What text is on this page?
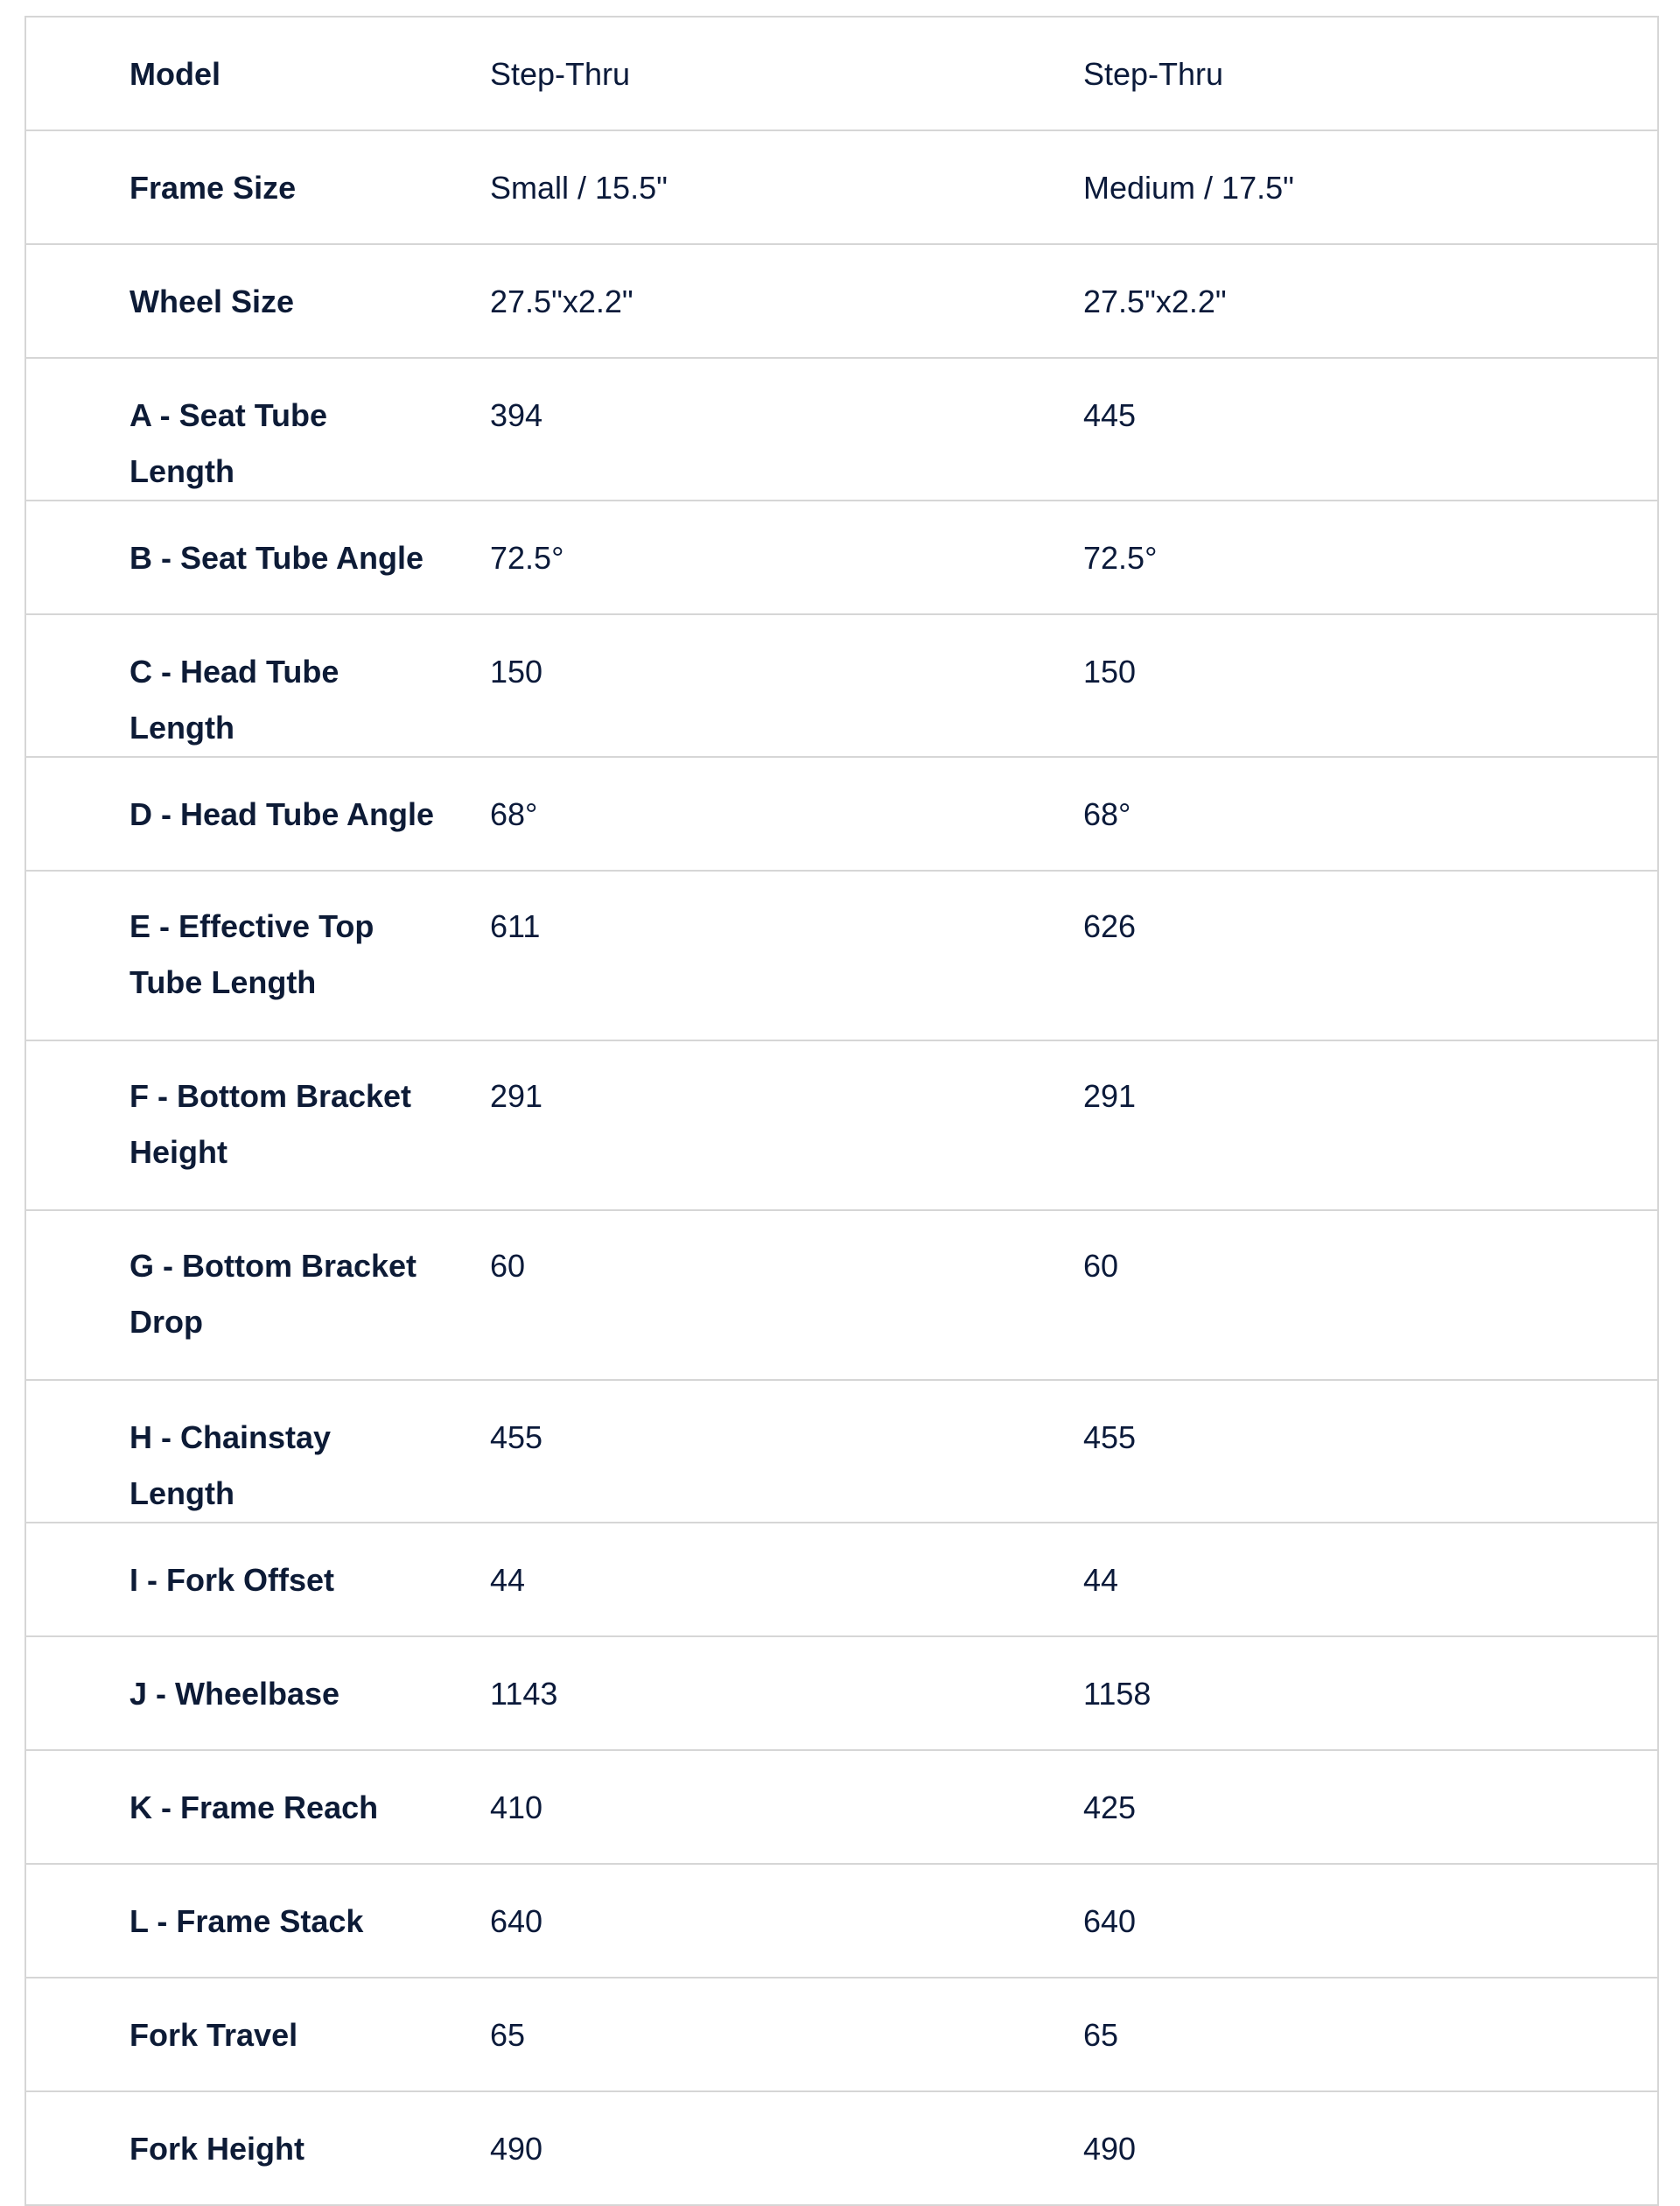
Model	Step-Thru	Step-Thru
Frame Size	Small / 15.5"	Medium / 17.5"
Wheel Size	27.5"x2.2"	27.5"x2.2"
A - Seat Tube Length	394	445
B - Seat Tube Angle	72.5°	72.5°
C - Head Tube Length	150	150
D - Head Tube Angle	68°	68°
E - Effective Top Tube Length	611	626
F - Bottom Bracket Height	291	291
G - Bottom Bracket Drop	60	60
H - Chainstay Length	455	455
I - Fork Offset	44	44
J - Wheelbase	1143	1158
K - Frame Reach	410	425
L - Frame Stack	640	640
Fork Travel	65	65
Fork Height	490	490
